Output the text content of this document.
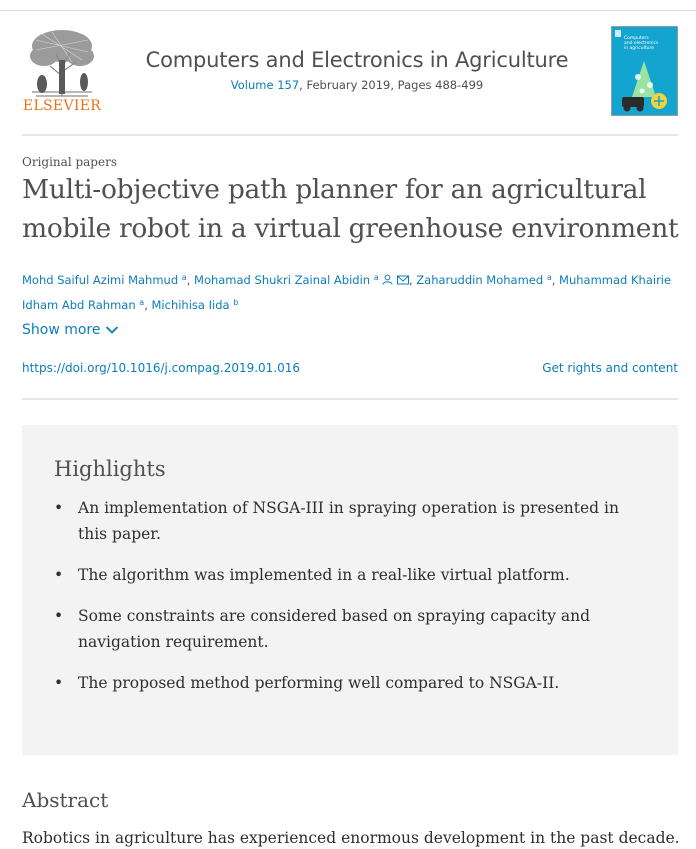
ELSEVIER
Computers and Electronics in Agriculture
Volume 157, February 2019, Pages 488-499
Computers
and electronics
in agriculture
Original papers
Multi-objective path planner for an agricultural
mobile robot in a virtual greenhouse environment
Mohd Saiful Azimi Mahmud $^a$, Mohamad Shukri Zainal Abidin $^a$	, Zaharuddin Mohamed $^a$, Muhammad Khairie Idham Abd Rahman $^a$, Michihisa Iida $^b$
Show more
https://doi.org/10.1016/j.compag.2019.01.016	Get rights and content
Highlights
• An implementation of NSGA-III in spraying operation is presented in
this paper.
• The algorithm was implemented in a real-like virtual platform.
• Some constraints are considered based on spraying capacity and
navigation requirement.
• The proposed method performing well compared to NSGA-II.
Abstract

Robotics in agriculture has experienced enormous development in the past decade.
